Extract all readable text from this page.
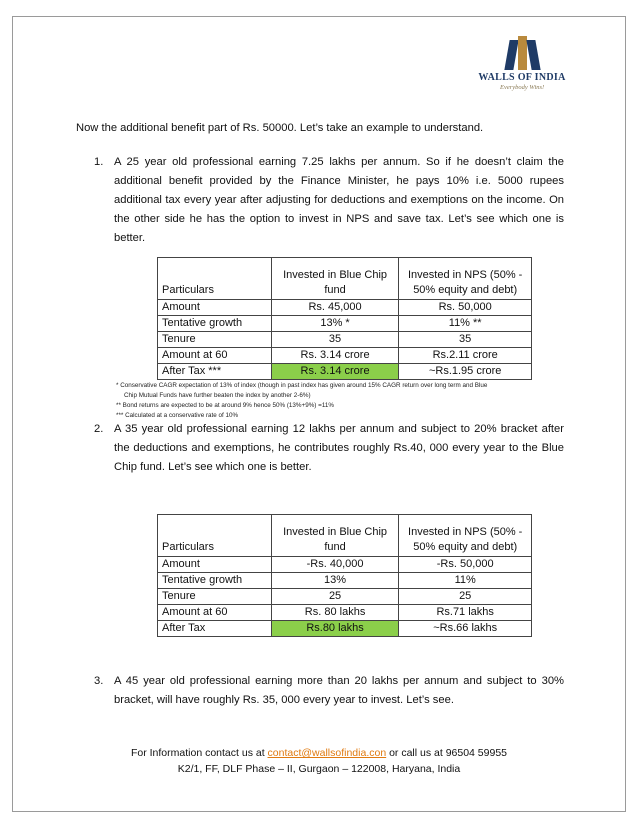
WALLS OF INDIA
Everybody Wins!
Now the additional benefit part of Rs. 50000. Let’s take an example to understand.
1. A 25 year old professional earning 7.25 lakhs per annum. So if he doesn’t claim the additional benefit provided by the Finance Minister, he pays 10% i.e. 5000 rupees additional tax every year after adjusting for deductions and exemptions on the income. On the other side he has the option to invest in NPS and save tax. Let’s see which one is better.
Particulars	Invested in Blue Chip fund	Invested in NPS (50% - 50% equity and debt)
Amount	Rs. 45,000	Rs. 50,000
Tentative growth	13% *	11% **
Tenure	35	35
Amount at 60	Rs. 3.14 crore	Rs.2.11 crore
After Tax ***	Rs. 3.14 crore	~Rs.1.95 crore
* Conservative CAGR expectation of 13% of index (though in past index has given around 15% CAGR return over long term and Blue
Chip Mutual Funds have further beaten the index by another 2-6%)
** Bond returns are expected to be at around 9% hence 50% (13%+9%) =11%
*** Calculated at a conservative rate of 10%
2. A 35 year old professional earning 12 lakhs per annum and subject to 20% bracket after the deductions and exemptions, he contributes roughly Rs.40, 000 every year to the Blue Chip fund. Let’s see which one is better.
Particulars	Invested in Blue Chip fund	Invested in NPS (50% - 50% equity and debt)
Amount	-Rs. 40,000	-Rs. 50,000
Tentative growth	13%	11%
Tenure	25	25
Amount at 60	Rs. 80 lakhs	Rs.71 lakhs
After Tax	Rs.80 lakhs	~Rs.66 lakhs
3. A 45 year old professional earning more than 20 lakhs per annum and subject to 30% bracket, will have roughly Rs. 35, 000 every year to invest. Let’s see.
For Information contact us at contact@wallsofindia.con or call us at 96504 59955
K2/1, FF, DLF Phase – II, Gurgaon – 122008, Haryana, India
